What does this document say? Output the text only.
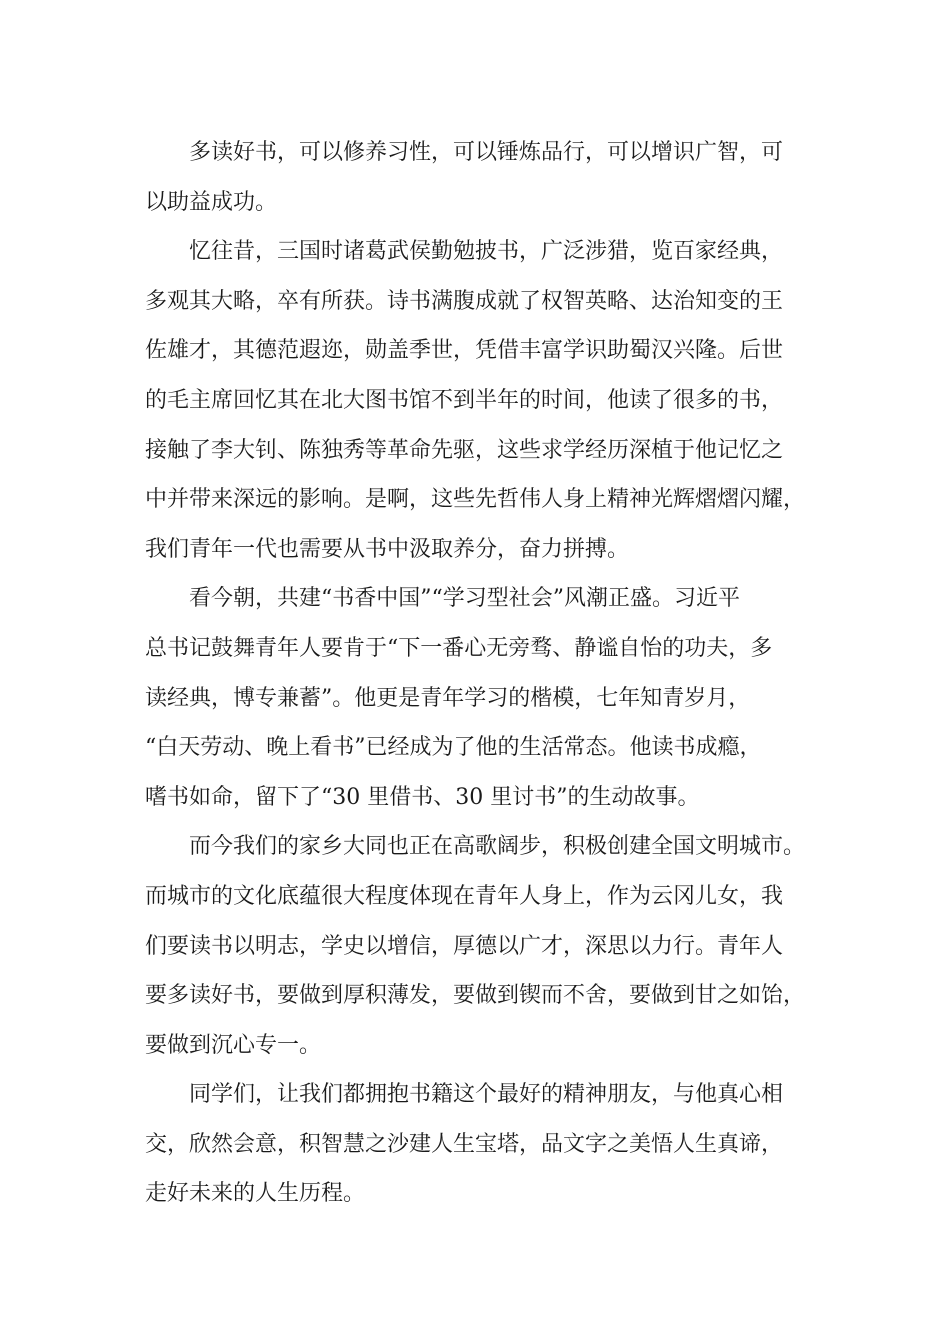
多读好书，可以修养习性，可以锤炼品行，可以增识广智，可
以助益成功。

忆往昔，三国时诸葛武侯勤勉披书，广泛涉猎，览百家经典，
多观其大略，卒有所获。诗书满腹成就了权智英略、达治知变的王
佐雄才，其德范遐迩，勋盖季世，凭借丰富学识助蜀汉兴隆。后世
的毛主席回忆其在北大图书馆不到半年的时间，他读了很多的书，
接触了李大钊、陈独秀等革命先驱，这些求学经历深植于他记忆之
中并带来深远的影响。是啊，这些先哲伟人身上精神光辉熠熠闪耀，
我们青年一代也需要从书中汲取养分，奋力拼搏。

看今朝，共建“书香中国”“学习型社会”风潮正盛。习近平
总书记鼓舞青年人要肯于“下一番心无旁骛、静谧自怡的功夫，多
读经典，博专兼蓄”。他更是青年学习的楷模，七年知青岁月，
“白天劳动、晚上看书”已经成为了他的生活常态。他读书成瘾，
嗜书如命，留下了“30 里借书、30 里讨书”的生动故事。

而今我们的家乡大同也正在高歌阔步，积极创建全国文明城市。
而城市的文化底蕴很大程度体现在青年人身上，作为云冈儿女，我
们要读书以明志，学史以增信，厚德以广才，深思以力行。青年人
要多读好书，要做到厚积薄发，要做到锲而不舍，要做到甘之如饴，
要做到沉心专一。

同学们，让我们都拥抱书籍这个最好的精神朋友，与他真心相
交，欣然会意，积智慧之沙建人生宝塔，品文字之美悟人生真谛，
走好未来的人生历程。
